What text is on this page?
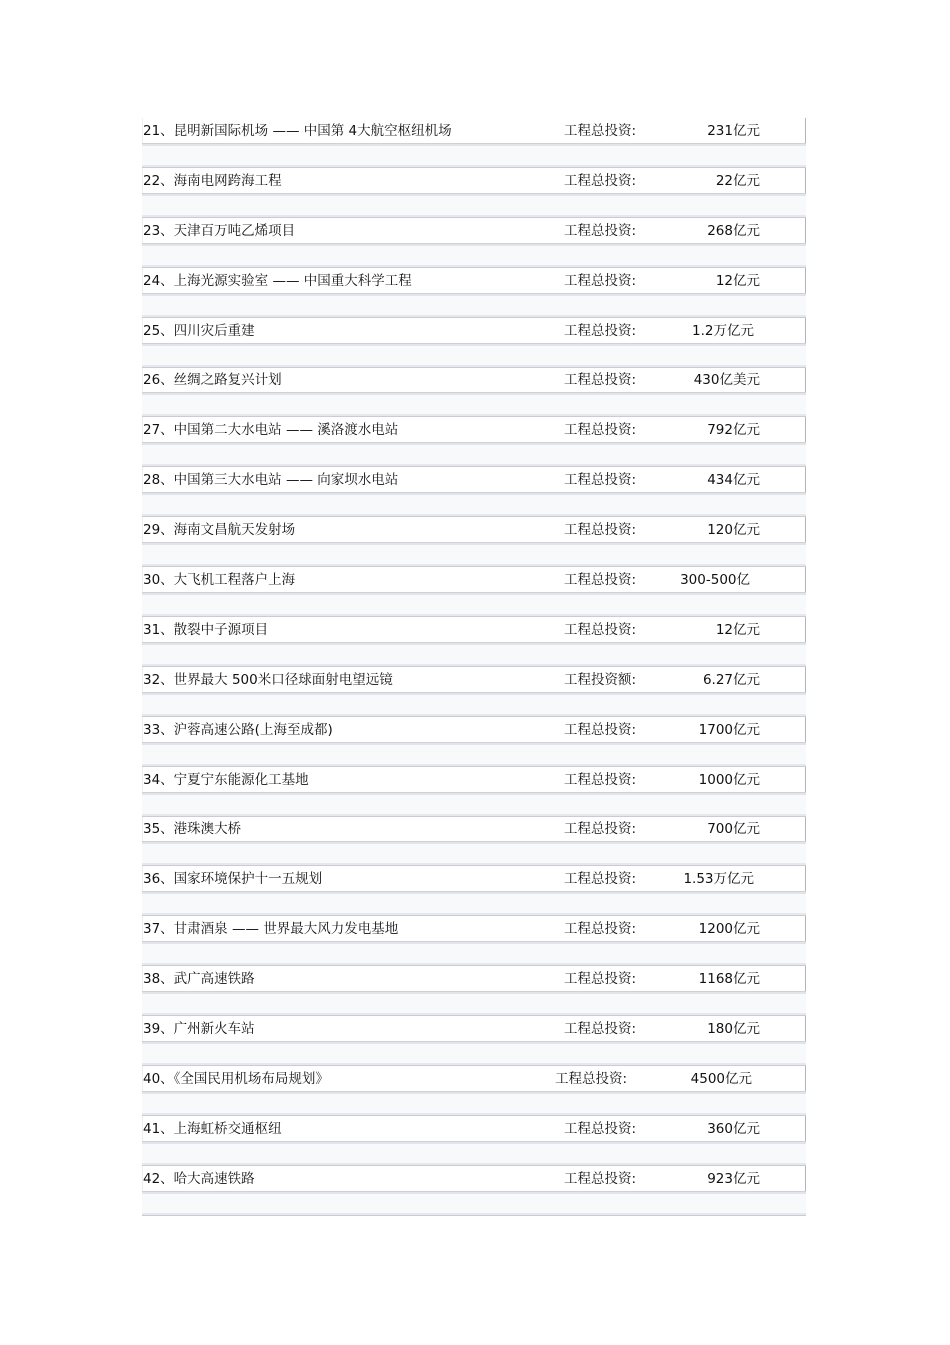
21、昆明新国际机场 —— 中国第 4大航空枢纽机场	工程总投资:	231亿元
22、海南电网跨海工程	工程总投资:	22亿元
23、天津百万吨乙烯项目	工程总投资:	268亿元
24、上海光源实验室 —— 中国重大科学工程	工程总投资:	12亿元
25、四川灾后重建	工程总投资:	1.2万亿元
26、丝绸之路复兴计划	工程总投资:	430亿美元
27、中国第二大水电站 —— 溪洛渡水电站	工程总投资:	792亿元
28、中国第三大水电站 —— 向家坝水电站	工程总投资:	434亿元
29、海南文昌航天发射场	工程总投资:	120亿元
30、大飞机工程落户上海	工程总投资:	300-500亿
31、散裂中子源项目	工程总投资:	12亿元
32、世界最大 500米口径球面射电望远镜	工程投资额:	6.27亿元
33、沪蓉高速公路(上海至成都)	工程总投资:	1700亿元
34、宁夏宁东能源化工基地	工程总投资:	1000亿元
35、港珠澳大桥	工程总投资:	700亿元
36、国家环境保护十一五规划	工程总投资:	1.53万亿元
37、甘肃酒泉 —— 世界最大风力发电基地	工程总投资:	1200亿元
38、武广高速铁路	工程总投资:	1168亿元
39、广州新火车站	工程总投资:	180亿元
40、《全国民用机场布局规划》	工程总投资:	4500亿元
41、上海虹桥交通枢纽	工程总投资:	360亿元
42、哈大高速铁路	工程总投资:	923亿元
